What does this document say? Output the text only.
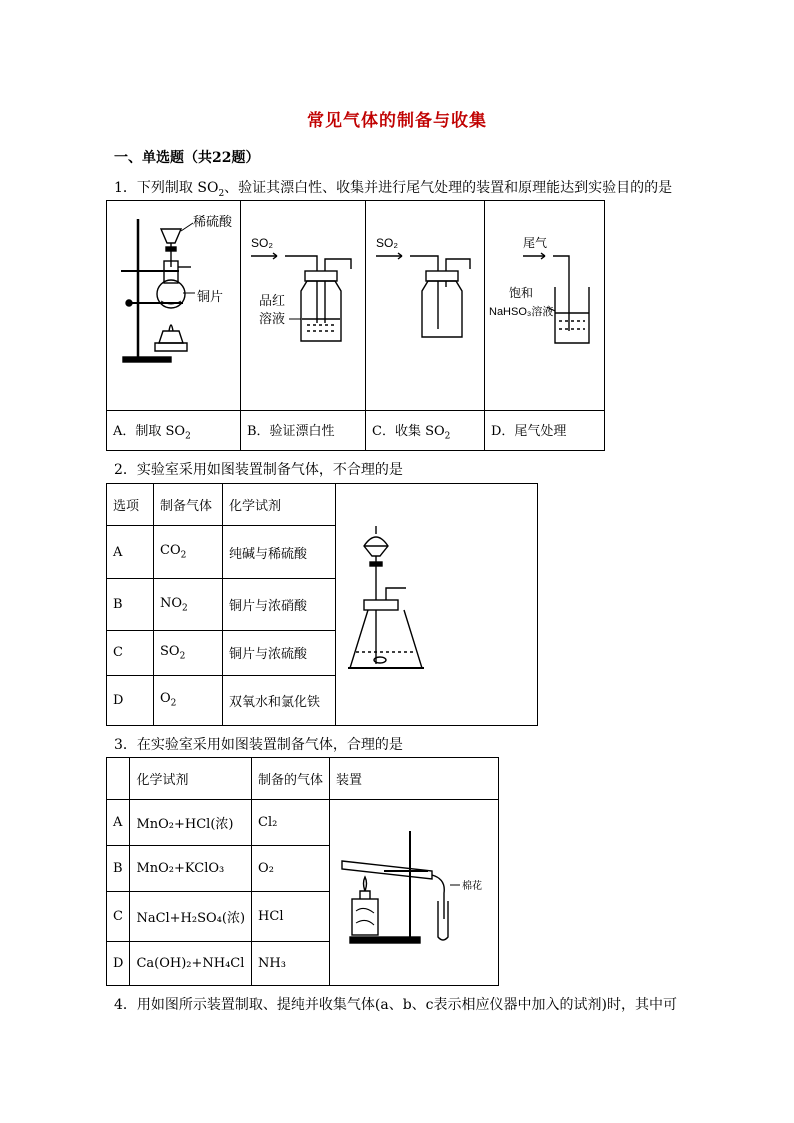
常见气体的制备与收集
一、单选题（共22题）
1．下列制取 $SO_2$、验证其漂白性、收集并进行尾气处理的装置和原理能达到实验目的的是
稀硫酸
铜片	SO₂
品红
溶液	SO₂	尾气
饱和
NaHSO₃溶液

A．制取 $SO_2$	B．验证漂白性	C．收集 $SO_2$	D．尾气处理
2．实验室采用如图装置制备气体，不合理的是
选项	制备气体	化学试剂	

A	$CO_2$	纯碱与稀硫酸	
B	$NO_2$	铜片与浓硝酸	
C	$SO_2$	铜片与浓硫酸	
D	$O_2$	双氧水和氯化铁	
3．在实验室采用如图装置制备气体，合理的是
	化学试剂	制备的气体	装置
A	MnO₂+HCl(浓)	Cl₂	棉花

B	MnO₂+KClO₃	O₂	
C	NaCl+H₂SO₄(浓)	HCl	
D	Ca(OH)₂+NH₄Cl	NH₃	
4．用如图所示装置制取、提纯并收集气体(a、b、c表示相应仪器中加入的试剂)时，其中可
